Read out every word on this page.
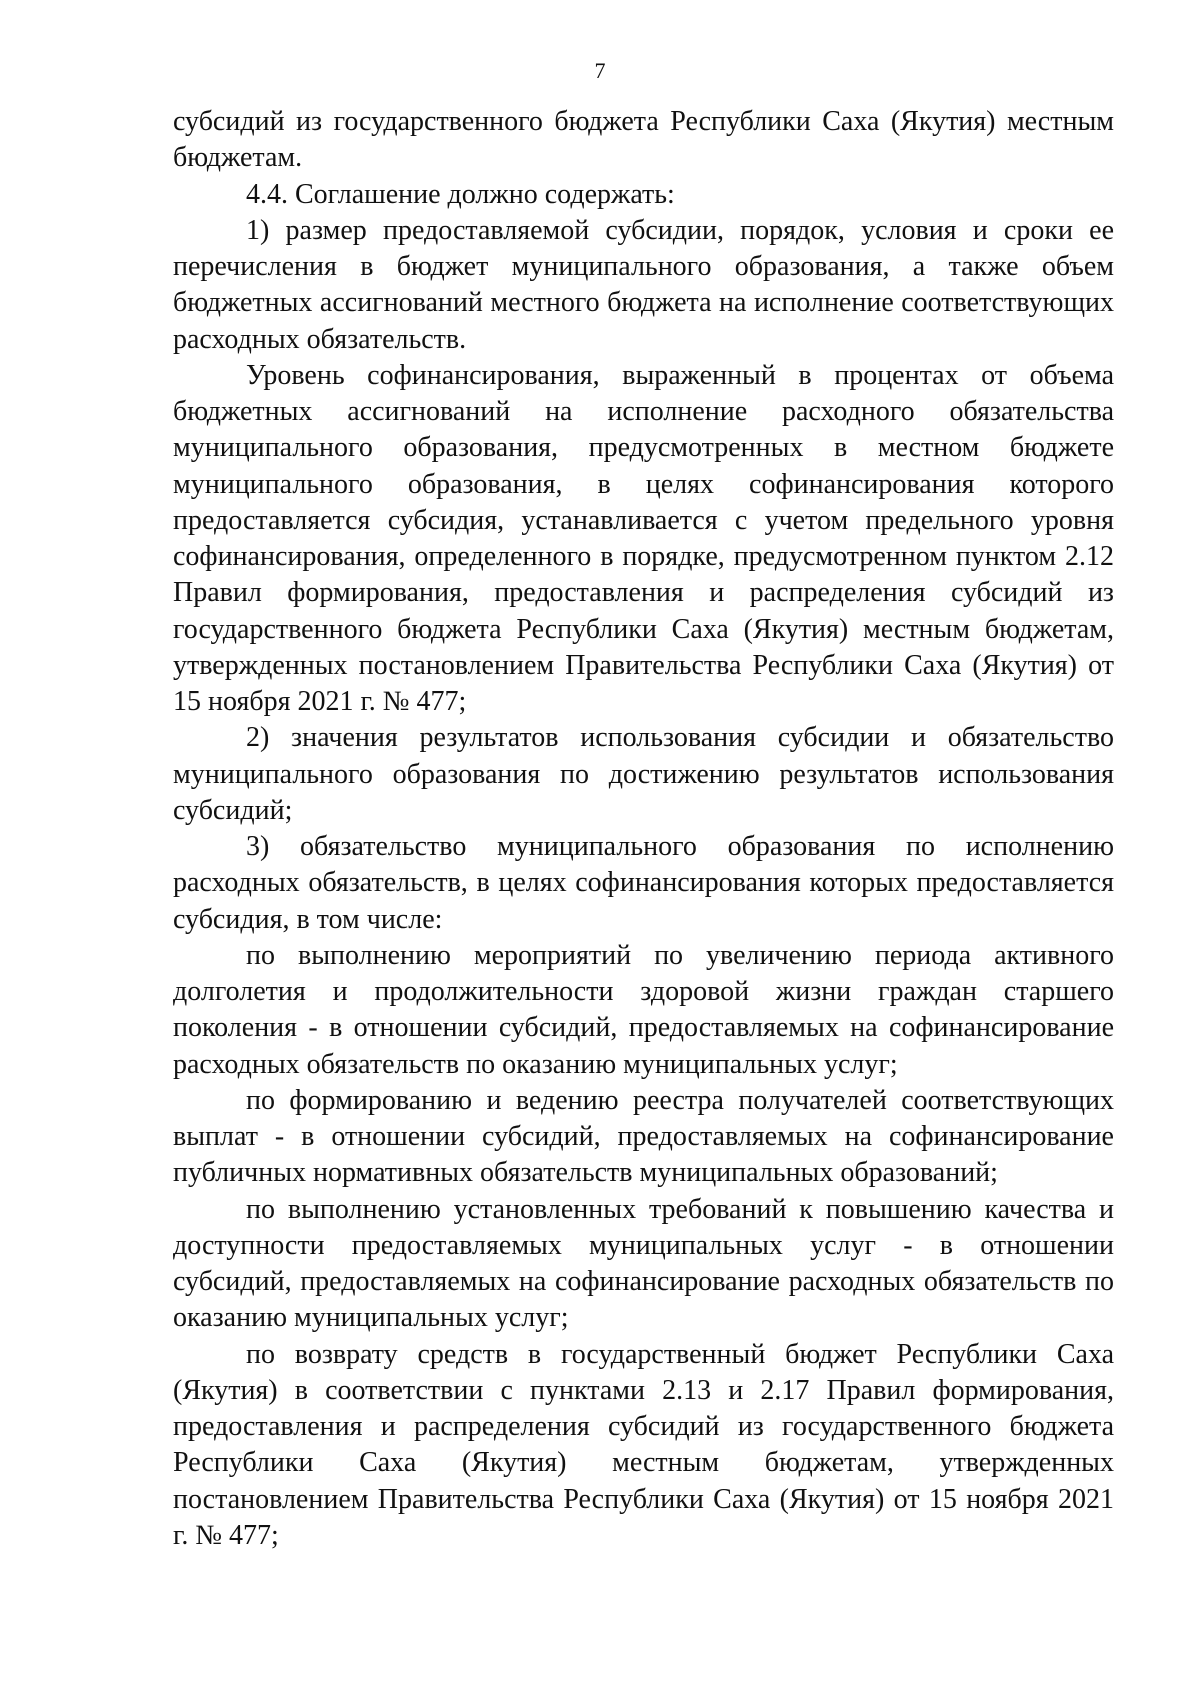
7

субсидий из государственного бюджета Республики Саха (Якутия) местным бюджетам.

4.4. Соглашение должно содержать:

1) размер предоставляемой субсидии, порядок, условия и сроки ее перечисления в бюджет муниципального образования, а также объем бюджетных ассигнований местного бюджета на исполнение соответствующих расходных обязательств.

Уровень софинансирования, выраженный в процентах от объема бюджетных ассигнований на исполнение расходного обязательства муниципального образования, предусмотренных в местном бюджете муниципального образования, в целях софинансирования которого предоставляется субсидия, устанавливается с учетом предельного уровня софинансирования, определенного в порядке, предусмотренном пунктом 2.12 Правил формирования, предоставления и распределения субсидий из государственного бюджета Республики Саха (Якутия) местным бюджетам, утвержденных постановлением Правительства Республики Саха (Якутия) от 15 ноября 2021 г. № 477;

2) значения результатов использования субсидии и обязательство муниципального образования по достижению результатов использования субсидий;

3) обязательство муниципального образования по исполнению расходных обязательств, в целях софинансирования которых предоставляется субсидия, в том числе:

по выполнению мероприятий по увеличению периода активного долголетия и продолжительности здоровой жизни граждан старшего поколения - в отношении субсидий, предоставляемых на софинансирование расходных обязательств по оказанию муниципальных услуг;

по формированию и ведению реестра получателей соответствующих выплат - в отношении субсидий, предоставляемых на софинансирование публичных нормативных обязательств муниципальных образований;

по выполнению установленных требований к повышению качества и доступности предоставляемых муниципальных услуг - в отношении субсидий, предоставляемых на софинансирование расходных обязательств по оказанию муниципальных услуг;

по возврату средств в государственный бюджет Республики Саха (Якутия) в соответствии с пунктами 2.13 и 2.17 Правил формирования, предоставления и распределения субсидий из государственного бюджета Республики Саха (Якутия) местным бюджетам, утвержденных постановлением Правительства Республики Саха (Якутия) от 15 ноября 2021 г. № 477;
